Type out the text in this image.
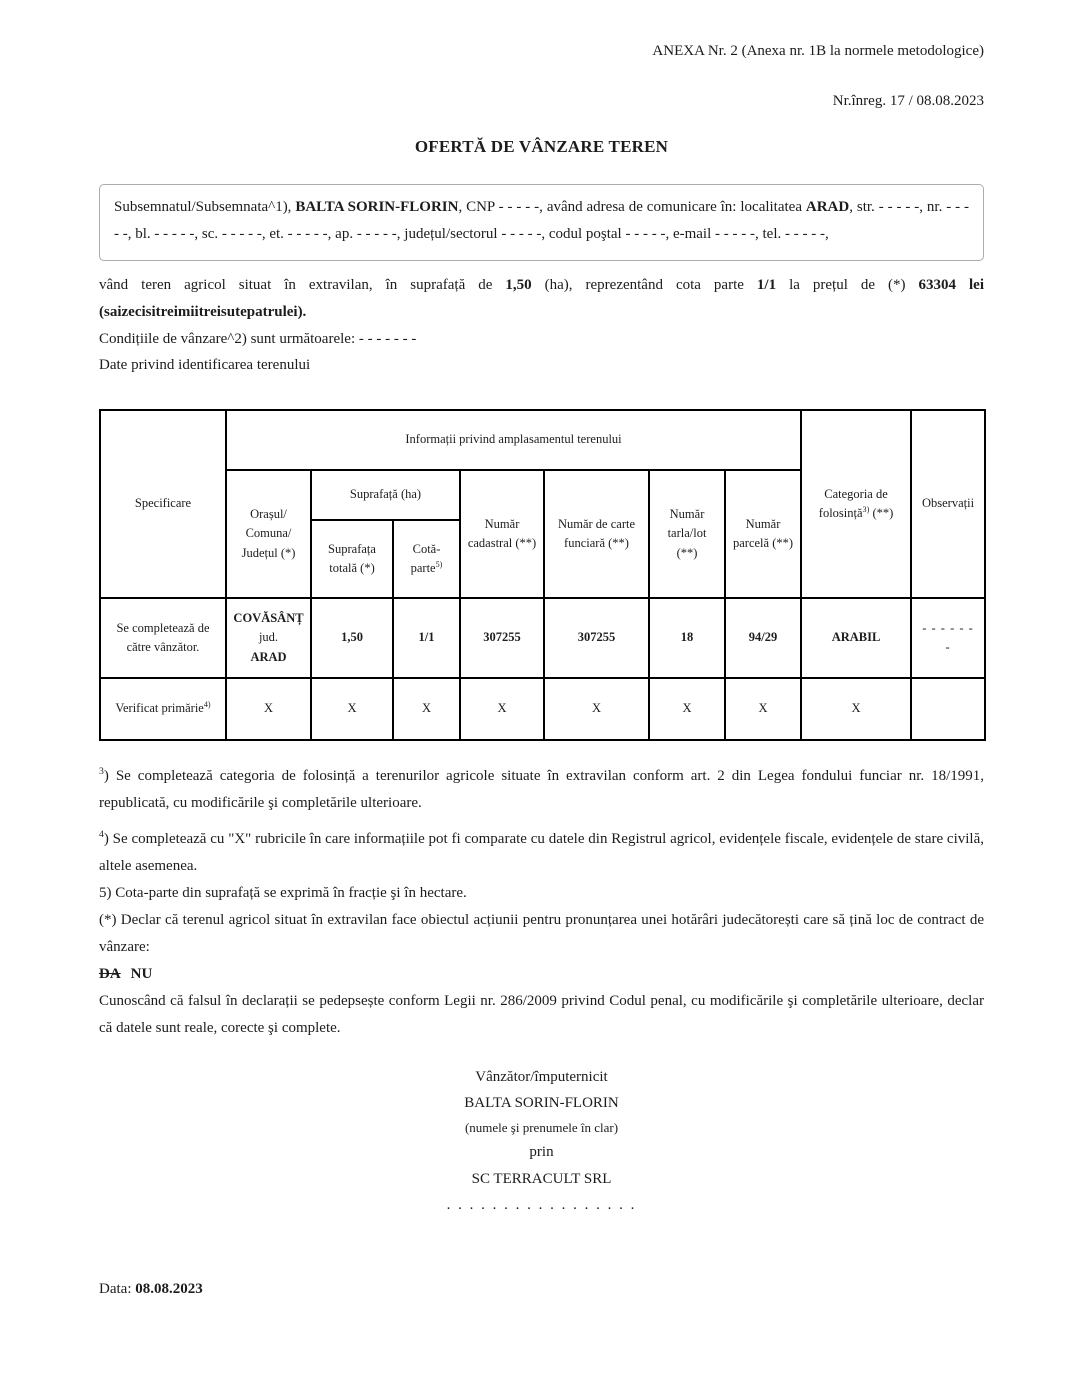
ANEXA Nr. 2 (Anexa nr. 1B la normele metodologice)
Nr.înreg. 17 / 08.08.2023
OFERTĂ DE VÂNZARE TEREN

Subsemnatul/Subsemnata^1), BALTA SORIN-FLORIN, CNP - - - - -, având adresa de comunicare în: localitatea ARAD, str. - - - - -, nr. - - - - -, bl. - - - - -, sc. - - - - -, et. - - - - -, ap. - - - - -, județul/sectorul - - - - -, codul poştal - - - - -, e-mail - - - - -, tel. - - - - -,

vând teren agricol situat în extravilan, în suprafață de 1,50 (ha), reprezentând cota parte 1/1 la prețul de (*) 63304 lei (saizecisitreimiitreisutepatrulei).

Condițiile de vânzare^2) sunt următoarele: - - - - - - -

Date privind identificarea terenului

Specificare	Informații privind amplasamentul terenului							Categoria de folosință$^{3)}$ (**)	Observații
	Orașul/ Comuna/ Județul (*)	Suprafață (ha)		Număr cadastral (**)	Număr de carte funciară (**)	Număr tarla/lot (**)	Număr parcelă (**)		
		Suprafața totală (*)	Cotă-parte$^{5)}$
Se completează de către vânzător.	COVĂSÂNȚ
jud.
ARAD	1,50	1/1	307255	307255	18	94/29	ARABIL	- - - - - - -
Verificat primărie$^{4)}$	X	X	X	X	X	X	X	X	

$^3$) Se completează categoria de folosință a terenurilor agricole situate în extravilan conform art. 2 din Legea fondului funciar nr. 18/1991, republicată, cu modificările şi completările ulterioare.

$^4$) Se completează cu "X" rubricile în care informațiile pot fi comparate cu datele din Registrul agricol, evidențele fiscale, evidențele de stare civilă, altele asemenea.

5) Cota-parte din suprafață se exprimă în fracție şi în hectare.

(*) Declar că terenul agricol situat în extravilan face obiectul acțiunii pentru pronunțarea unei hotărâri judecătorești care să țină loc de contract de vânzare:

DA NU

Cunoscând că falsul în declarații se pedepsește conform Legii nr. 286/2009 privind Codul penal, cu modificările şi completările ulterioare, declar că datele sunt reale, corecte şi complete.

Vânzător/împuternicit
BALTA SORIN-FLORIN
(numele şi prenumele în clar)
prin
SC TERRACULT SRL
. . . . . . . . . . . . . . . . .
Data: 08.08.2023
